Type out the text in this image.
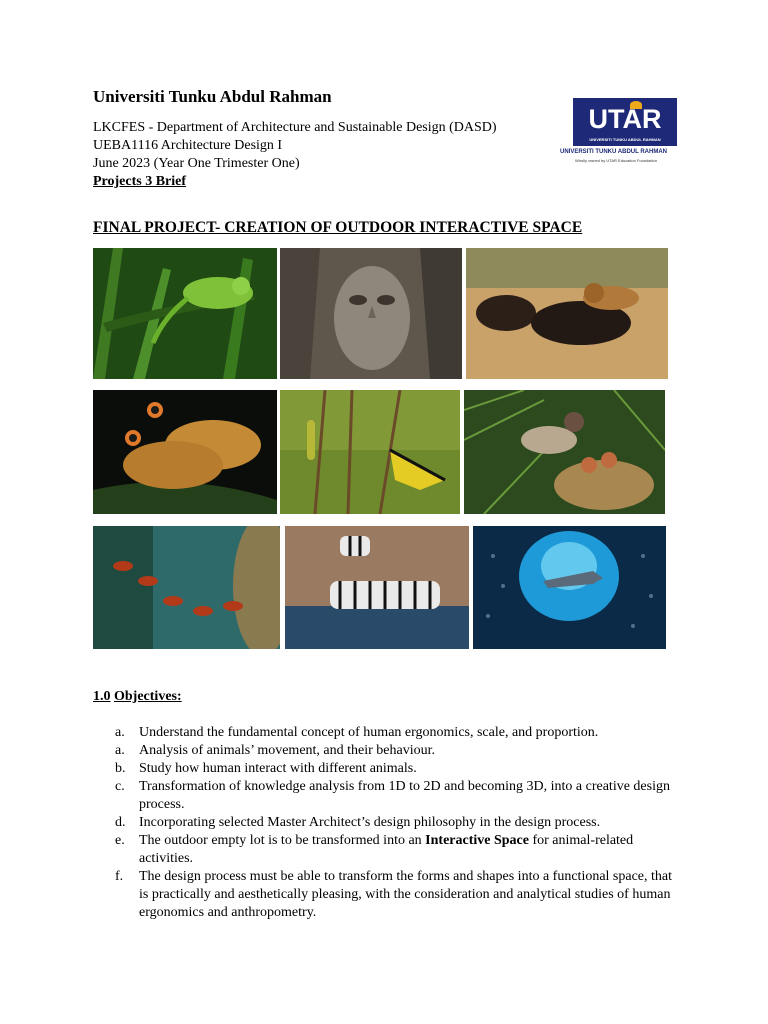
Universiti Tunku Abdul Rahman
LKCFES - Department of Architecture and Sustainable Design (DASD)
UEBA1116 Architecture Design I
June 2023 (Year One Trimester One)
Projects 3 Brief
UTAR
UNIVERSITI TUNKU ABDUL RAHMAN
UNIVERSITI TUNKU ABDUL RAHMAN
Wholly owned by UTAR Education Foundation
FINAL PROJECT- CREATION OF OUTDOOR INTERACTIVE SPACE
1.0 Objectives:
a.	Understand the fundamental concept of human ergonomics, scale, and proportion.
a.	Analysis of animals’ movement, and their behaviour.
b. Study how human interact with different animals.
c.	Transformation of knowledge analysis from 1D to 2D and becoming 3D, into a creative design process.
d. Incorporating selected Master Architect’s design philosophy in the design process.
e.	The outdoor empty lot is to be transformed into an Interactive Space for animal-related activities.
f.	The design process must be able to transform the forms and shapes into a functional space, that is practically and aesthetically pleasing, with the consideration and analytical studies of human ergonomics and anthropometry.
